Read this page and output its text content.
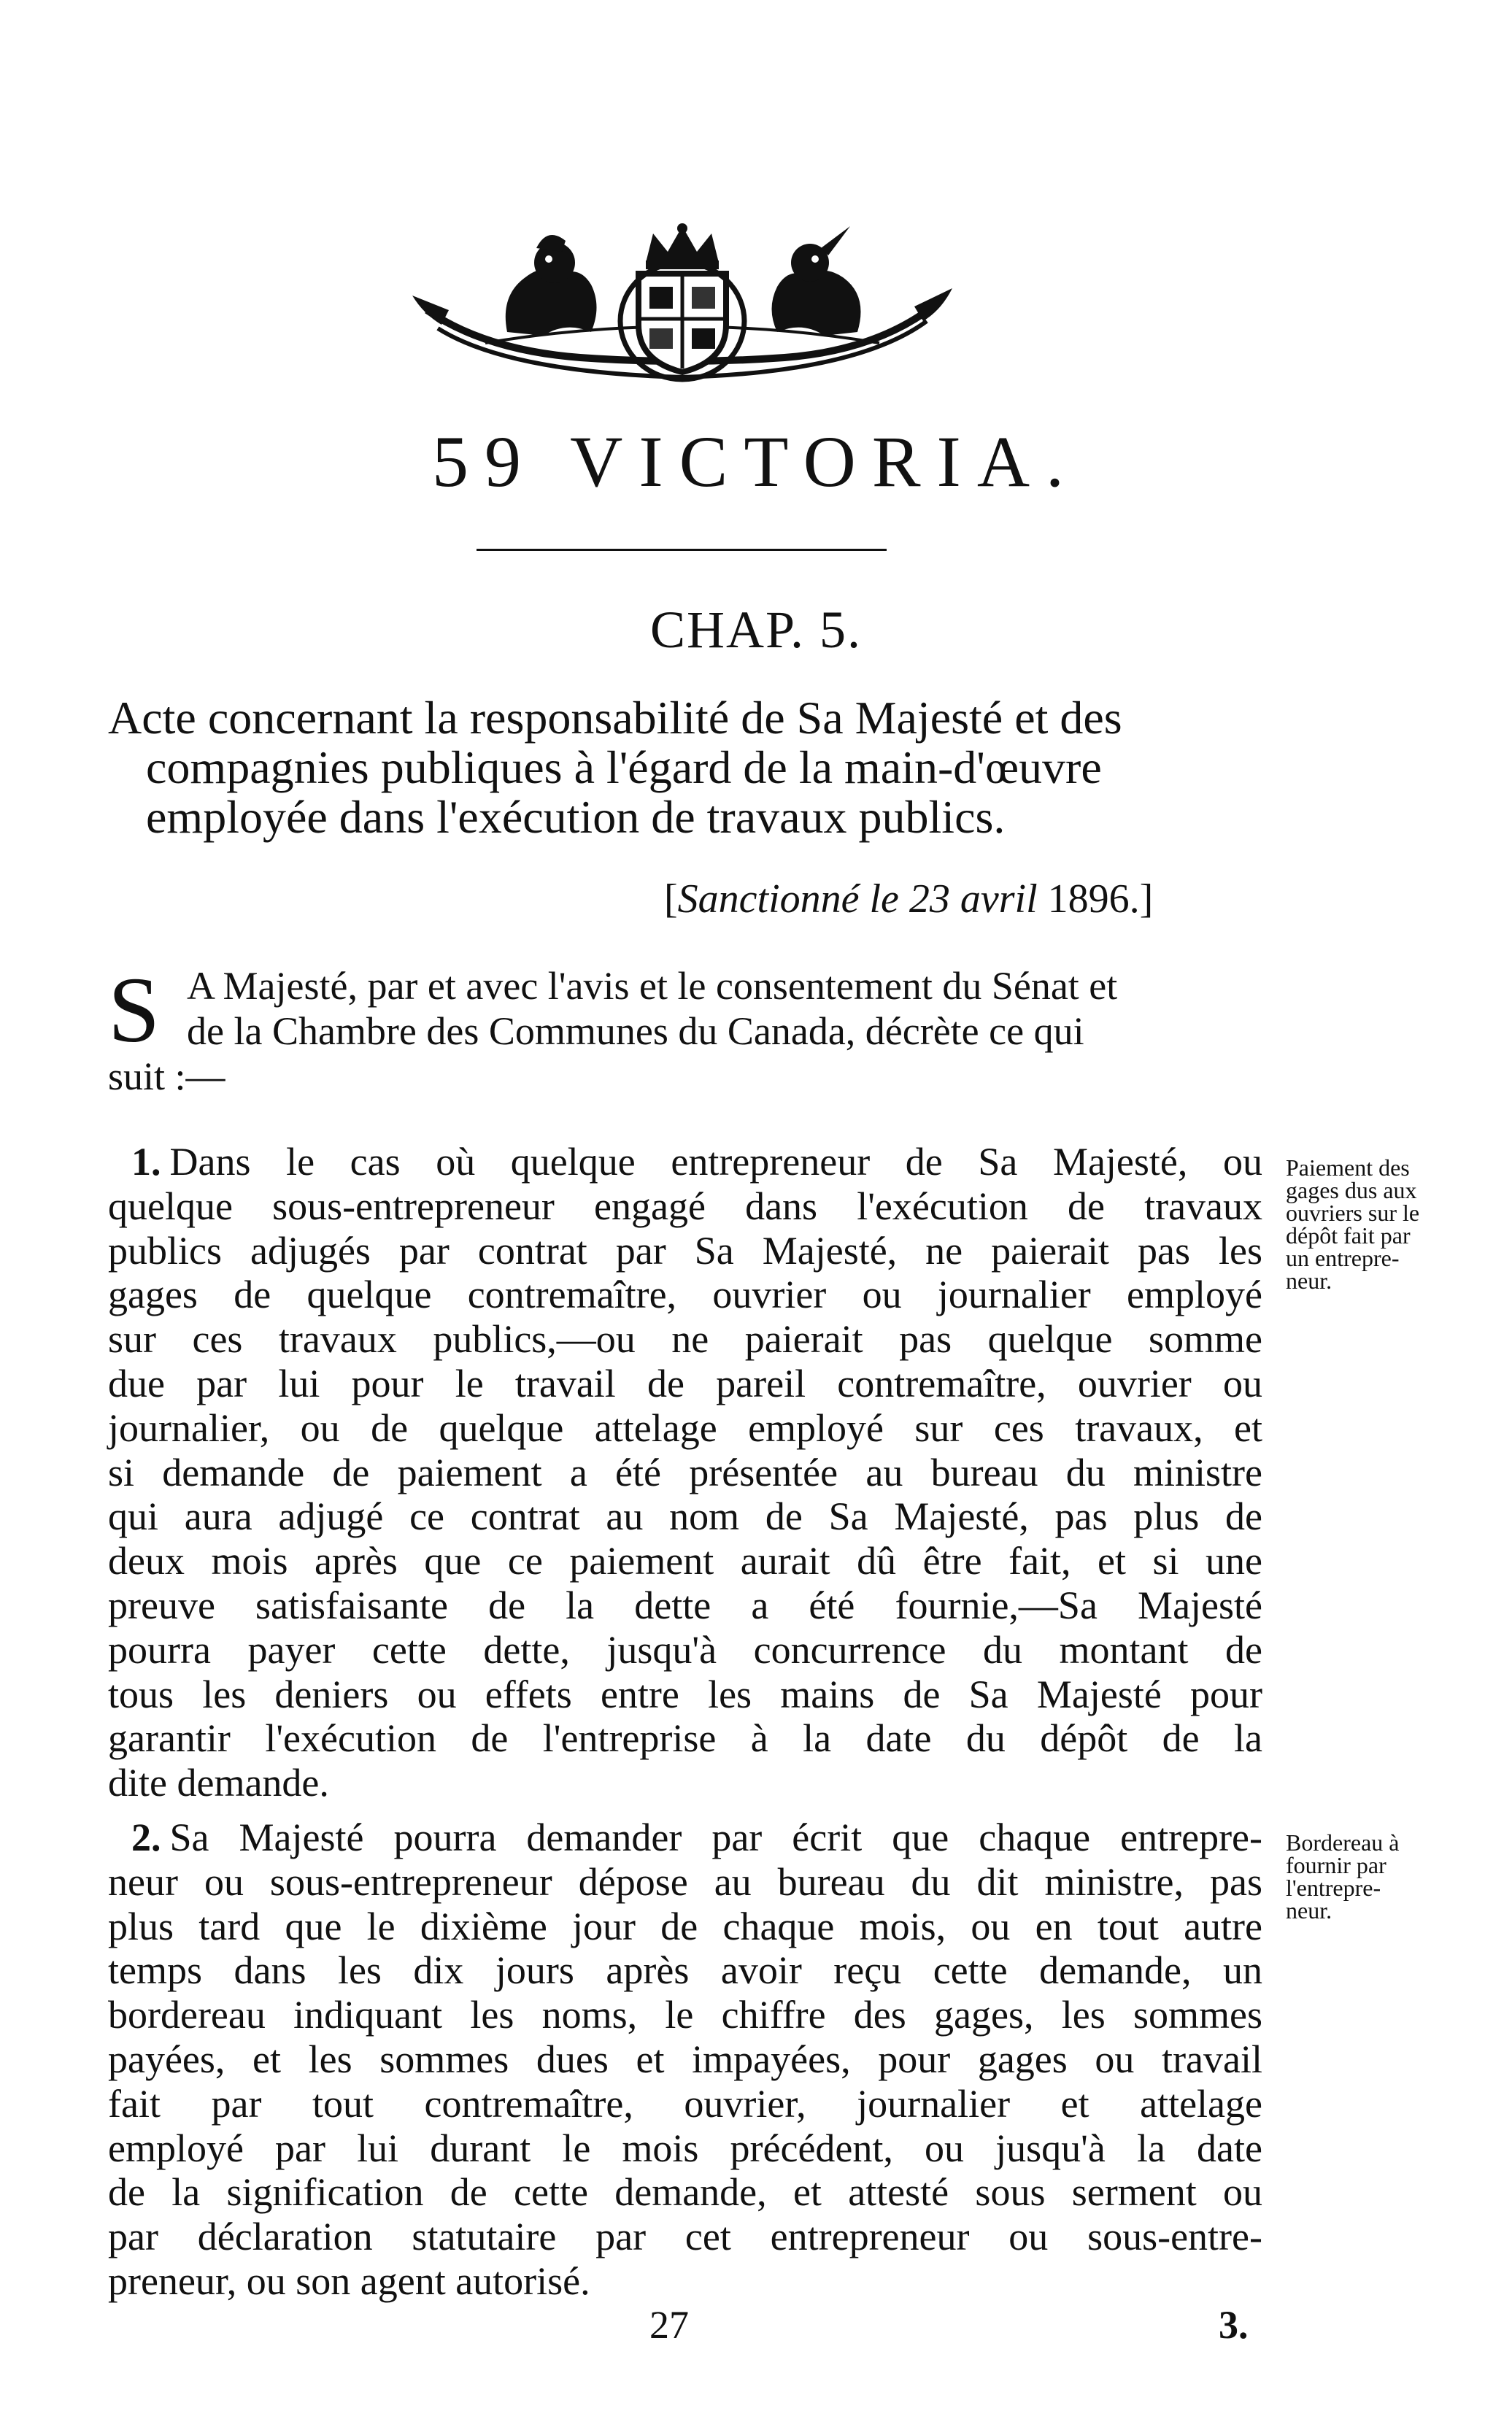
59 VICTORIA.
CHAP. 5.
Acte concernant la responsabilité de Sa Majesté et des
compagnies publiques à l'égard de la main-d'œuvre
employée dans l'exécution de travaux publics.
[Sanctionné le 23 avril 1896.]
S A Majesté, par et avec l'avis et le consentement du Sénat et
de la Chambre des Communes du Canada, décrète ce qui
suit :—
1. Dans le cas où quelque entrepreneur de Sa Majesté, ou
quelque sous-entrepreneur engagé dans l'exécution de travaux
publics adjugés par contrat par Sa Majesté, ne paierait pas les
gages de quelque contremaître, ouvrier ou journalier employé
sur ces travaux publics,—ou ne paierait pas quelque somme
due par lui pour le travail de pareil contremaître, ouvrier ou
journalier, ou de quelque attelage employé sur ces travaux, et
si demande de paiement a été présentée au bureau du ministre
qui aura adjugé ce contrat au nom de Sa Majesté, pas plus de
deux mois après que ce paiement aurait dû être fait, et si une
preuve satisfaisante de la dette a été fournie,—Sa Majesté
pourra payer cette dette, jusqu'à concurrence du montant de
tous les deniers ou effets entre les mains de Sa Majesté pour
garantir l'exécution de l'entreprise à la date du dépôt de la
dite demande.
Paiement des
gages dus aux
ouvriers sur le
dépôt fait par
un entrepre-
neur.
2. Sa Majesté pourra demander par écrit que chaque entrepre-
neur ou sous-entrepreneur dépose au bureau du dit ministre, pas
plus tard que le dixième jour de chaque mois, ou en tout autre
temps dans les dix jours après avoir reçu cette demande, un
bordereau indiquant les noms, le chiffre des gages, les sommes
payées, et les sommes dues et impayées, pour gages ou travail
fait par tout contremaître, ouvrier, journalier et attelage
employé par lui durant le mois précédent, ou jusqu'à la date
de la signification de cette demande, et attesté sous serment ou
par déclaration statutaire par cet entrepreneur ou sous-entre-
preneur, ou son agent autorisé.
Bordereau à
fournir par
l'entrepre-
neur.
27	3.
